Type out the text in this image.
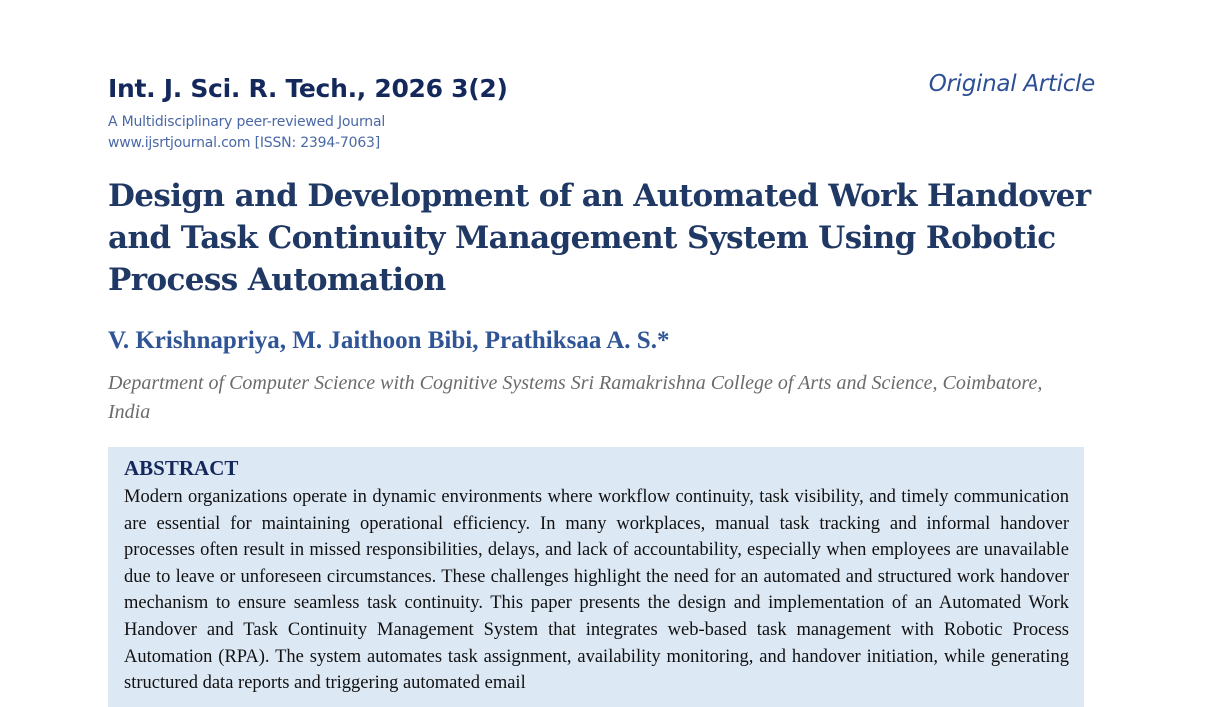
Int. J. Sci. R. Tech., 2026 3(2)
A Multidisciplinary peer-reviewed Journal
www.ijsrtjournal.com [ISSN: 2394-7063]
Original Article
Design and Development of an Automated Work Handover and Task Continuity Management System Using Robotic Process Automation
V. Krishnapriya, M. Jaithoon Bibi, Prathiksaa A. S.*
Department of Computer Science with Cognitive Systems Sri Ramakrishna College of Arts and Science, Coimbatore, India
ABSTRACT
Modern organizations operate in dynamic environments where workflow continuity, task visibility, and timely communication are essential for maintaining operational efficiency. In many workplaces, manual task tracking and informal handover processes often result in missed responsibilities, delays, and lack of accountability, especially when employees are unavailable due to leave or unforeseen circumstances. These challenges highlight the need for an automated and structured work handover mechanism to ensure seamless task continuity. This paper presents the design and implementation of an Automated Work Handover and Task Continuity Management System that integrates web-based task management with Robotic Process Automation (RPA). The system automates task assignment, availability monitoring, and handover initiation, while generating structured data reports and triggering automated email
